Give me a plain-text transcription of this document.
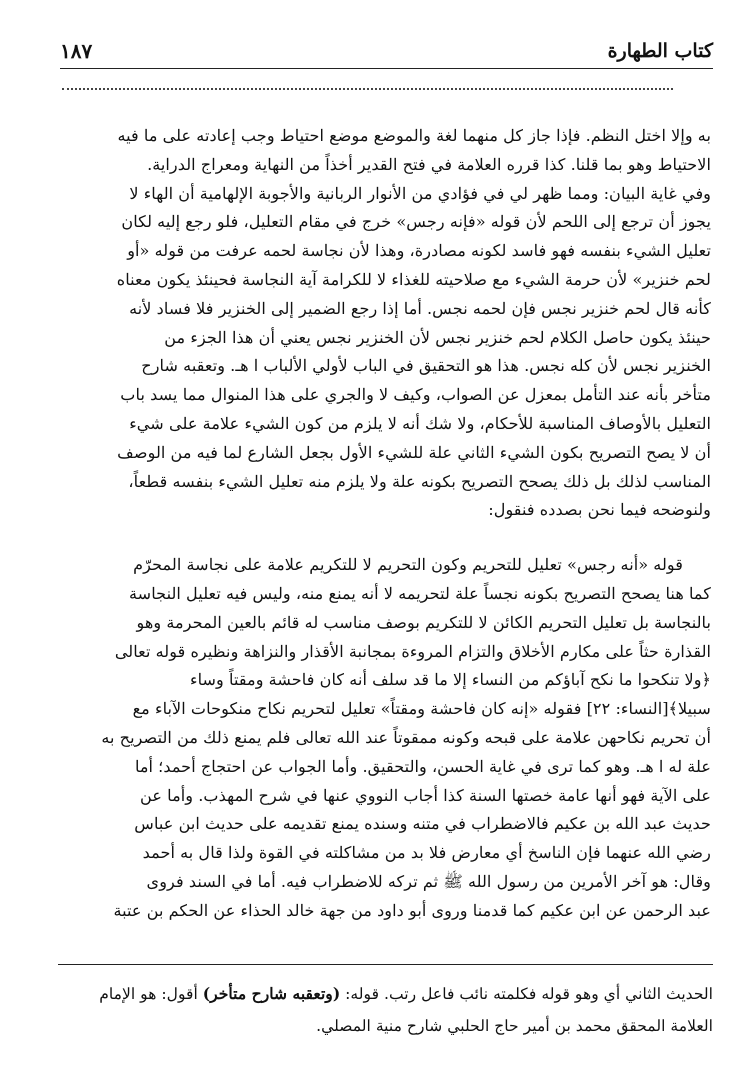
كتاب الطهارة
١٨٧
به وإلا اختل النظم. فإذا جاز كل منهما لغة والموضع موضع احتياط وجب إعادته على ما فيه
الاحتياط وهو بما قلنا. كذا قرره العلامة في فتح القدير أخذاً من النهاية ومعراج الدراية.
وفي غاية البيان: ومما ظهر لي في فؤادي من الأنوار الربانية والأجوبة الإلهامية أن الهاء لا
يجوز أن ترجع إلى اللحم لأن قوله «فإنه رجس» خرج في مقام التعليل، فلو رجع إليه لكان
تعليل الشيء بنفسه فهو فاسد لكونه مصادرة، وهذا لأن نجاسة لحمه عرفت من قوله «أو
لحم خنزير» لأن حرمة الشيء مع صلاحيته للغذاء لا للكرامة آية النجاسة فحينئذ يكون معناه
كأنه قال لحم خنزير نجس فإن لحمه نجس. أما إذا رجع الضمير إلى الخنزير فلا فساد لأنه
حينئذ يكون حاصل الكلام لحم خنزير نجس لأن الخنزير نجس يعني أن هذا الجزء من
الخنزير نجس لأن كله نجس. هذا هو التحقيق في الباب لأولي الألباب ا هـ. وتعقبه شارح
متأخر بأنه عند التأمل بمعزل عن الصواب، وكيف لا والجري على هذا المنوال مما يسد باب
التعليل بالأوصاف المناسبة للأحكام، ولا شك أنه لا يلزم من كون الشيء علامة على شيء
أن لا يصح التصريح بكون الشيء الثاني علة للشيء الأول بجعل الشارع لما فيه من الوصف
المناسب لذلك بل ذلك يصحح التصريح بكونه علة ولا يلزم منه تعليل الشيء بنفسه قطعاً،
ولنوضحه فيما نحن بصدده فنقول:
قوله «أنه رجس» تعليل للتحريم وكون التحريم لا للتكريم علامة على نجاسة المحرّم
كما هنا يصحح التصريح بكونه نجساً علة لتحريمه لا أنه يمنع منه، وليس فيه تعليل النجاسة
بالنجاسة بل تعليل التحريم الكائن لا للتكريم بوصف مناسب له قائم بالعين المحرمة وهو
القذارة حثاً على مكارم الأخلاق والتزام المروءة بمجانبة الأقذار والنزاهة ونظيره قوله تعالى
﴿ولا تنكحوا ما نكح آباؤكم من النساء إلا ما قد سلف أنه كان فاحشة ومقتاً وساء
سبيلا﴾[النساء: ٢٢] فقوله «إنه كان فاحشة ومقتاً» تعليل لتحريم نكاح منكوحات الآباء مع
أن تحريم نكاحهن علامة على قبحه وكونه ممقوتاً عند الله تعالى فلم يمنع ذلك من التصريح به
علة له ا هـ. وهو كما ترى في غاية الحسن، والتحقيق. وأما الجواب عن احتجاج أحمد؛ أما
على الآية فهو أنها عامة خصتها السنة كذا أجاب النووي عنها في شرح المهذب. وأما عن
حديث عبد الله بن عكيم فالاضطراب في متنه وسنده يمنع تقديمه على حديث ابن عباس
رضي الله عنهما فإن الناسخ أي معارض فلا بد من مشاكلته في القوة ولذا قال به أحمد
وقال: هو آخر الأمرين من رسول الله ﷺ ثم تركه للاضطراب فيه. أما في السند فروى
عبد الرحمن عن ابن عكيم كما قدمنا وروى أبو داود من جهة خالد الحذاء عن الحكم بن عتبة
الحديث الثاني أي وهو قوله فكلمته نائب فاعل رتب. قوله: (وتعقبه شارح متأخر) أقول: هو الإمام
العلامة المحقق محمد بن أمير حاج الحلبي شارح منية المصلي.
